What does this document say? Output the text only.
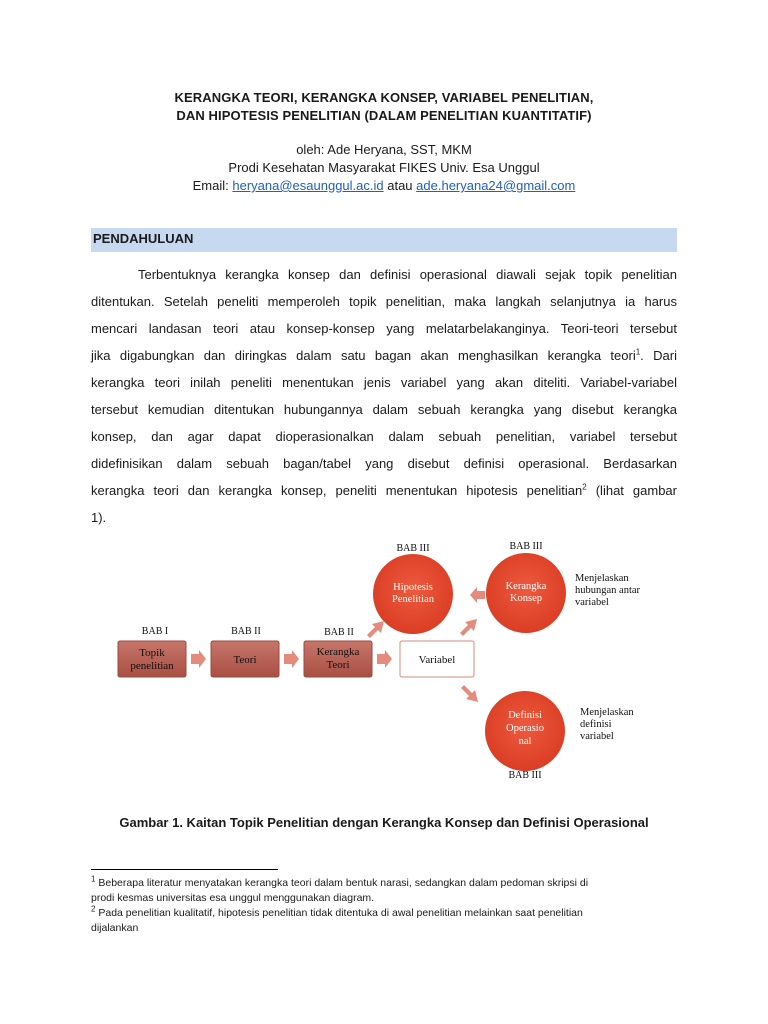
KERANGKA TEORI, KERANGKA KONSEP, VARIABEL PENELITIAN,
DAN HIPOTESIS PENELITIAN (DALAM PENELITIAN KUANTITATIF)
oleh: Ade Heryana, SST, MKM
Prodi Kesehatan Masyarakat FIKES Univ. Esa Unggul
Email: heryana@esaunggul.ac.id atau ade.heryana24@gmail.com
PENDAHULUAN
Terbentuknya kerangka konsep dan definisi operasional diawali sejak topik penelitian
ditentukan. Setelah peneliti memperoleh topik penelitian, maka langkah selanjutnya ia harus
mencari landasan teori atau konsep-konsep yang melatarbelakanginya. Teori-teori tersebut
jika digabungkan dan diringkas dalam satu bagan akan menghasilkan kerangka teori$^1$. Dari
kerangka teori inilah peneliti menentukan jenis variabel yang akan diteliti. Variabel-variabel
tersebut kemudian ditentukan hubungannya dalam sebuah kerangka yang disebut kerangka
konsep, dan agar dapat dioperasionalkan dalam sebuah penelitian, variabel tersebut
didefinisikan dalam sebuah bagan/tabel yang disebut definisi operasional. Berdasarkan
kerangka teori dan kerangka konsep, peneliti menentukan hipotesis penelitian$^2$ (lihat gambar
1).
BAB I	BAB II	BAB II
Topik
penelitian	Teori
Kerangka
Teori	Variabel
BAB III
Hipotesis
Penelitian
BAB III
Kerangka
Konsep
Menjelaskan
hubungan antar
variabel
Definisi
Operasio
nal
BAB III
Menjelaskan
definisi
variabel
Gambar 1. Kaitan Topik Penelitian dengan Kerangka Konsep dan Definisi Operasional
$^1$ Beberapa literatur menyatakan kerangka teori dalam bentuk narasi, sedangkan dalam pedoman skripsi di
prodi kesmas universitas esa unggul menggunakan diagram.
$^2$ Pada penelitian kualitatif, hipotesis penelitian tidak ditentuka di awal penelitian melainkan saat penelitian
dijalankan
